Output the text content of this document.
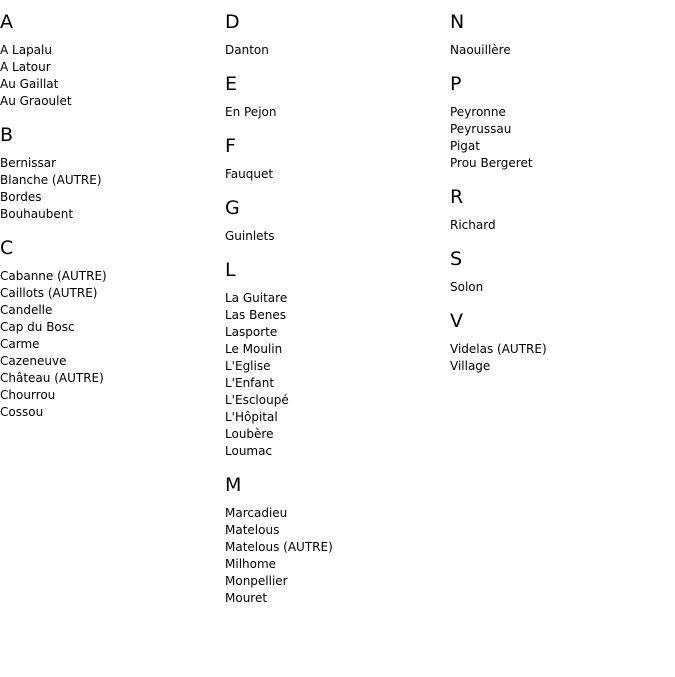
A
A Lapalu
A Latour
Au Gaillat
Au Graoulet
B
Bernissar
Blanche (AUTRE)
Bordes
Bouhaubent
C
Cabanne (AUTRE)
Caillots (AUTRE)
Candelle
Cap du Bosc
Carme
Cazeneuve
Château (AUTRE)
Chourrou
Cossou
D
Danton
E
En Pejon
F
Fauquet
G
Guinlets
L
La Guitare
Las Benes
Lasporte
Le Moulin
L'Eglise
L'Enfant
L'Escloupé
L'Hôpital
Loubère
Loumac
M
Marcadieu
Matelous
Matelous (AUTRE)
Milhome
Monpellier
Mouret
N
Naouillère
P
Peyronne
Peyrussau
Pigat
Prou Bergeret
R
Richard
S
Solon
V
Videlas (AUTRE)
Village
